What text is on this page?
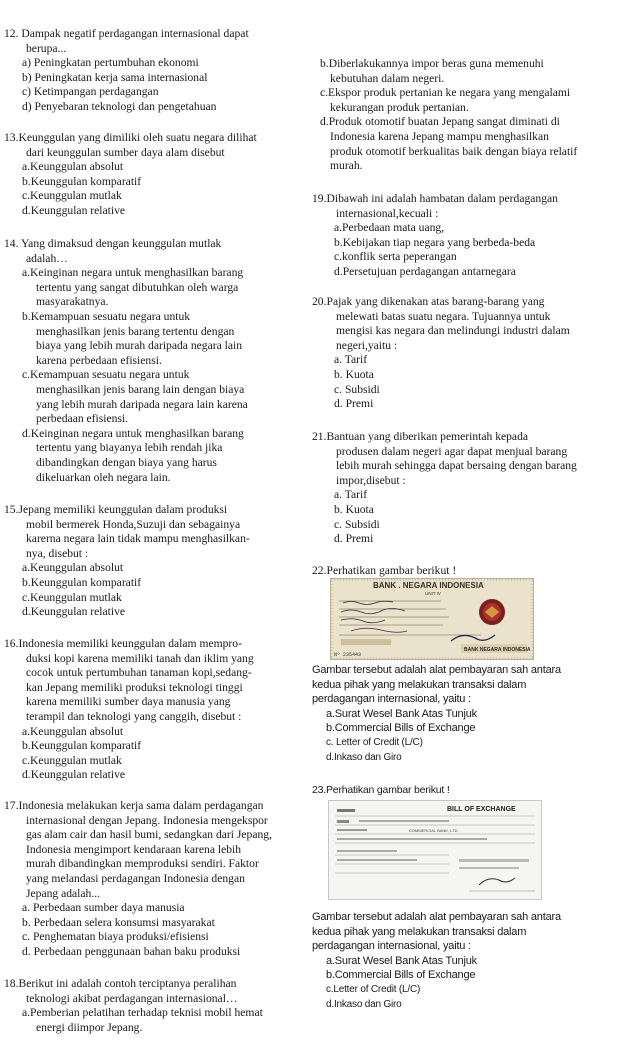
12. Dampak negatif perdagangan internasional dapat

berupa...

a) Peningkatan pertumbuhan ekonomi

b) Peningkatan kerja sama internasional

c) Ketimpangan perdagangan

d) Penyebaran teknologi dan pengetahuan

13.Keunggulan yang dimiliki oleh suatu negara dilihat

dari keunggulan sumber daya alam disebut

a.Keunggulan absolut

b.Keunggulan komparatif

c.Keunggulan mutlak

d.Keunggulan relative

14. Yang dimaksud dengan keunggulan mutlak

adalah…

a.Keinginan negara untuk menghasilkan barang

tertentu yang sangat dibutuhkan oleh warga

masyarakatnya.

b.Kemampuan sesuatu negara untuk

menghasilkan jenis barang tertentu dengan

biaya yang lebih murah daripada negara lain

karena perbedaan efisiensi.

c.Kemampuan sesuatu negara untuk

menghasilkan jenis barang lain dengan biaya

yang lebih murah daripada negara lain karena

perbedaan efisiensi.

d.Keinginan negara untuk menghasilkan barang

tertentu yang biayanya lebih rendah jika

dibandingkan dengan biaya yang harus

dikeluarkan oleh negara lain.

15.Jepang memiliki keunggulan dalam produksi

mobil bermerek Honda,Suzuji dan sebagainya

karerna negara lain tidak mampu menghasilkan-

nya, disebut :

a.Keunggulan absolut

b.Keunggulan komparatif

c.Keunggulan mutlak

d.Keunggulan relative

16.Indonesia memiliki keunggulan dalam mempro-

duksi kopi karena memiliki tanah dan iklim yang

cocok untuk pertumbuhan tanaman kopi,sedang-

kan Jepang memiliki produksi teknologi tinggi

karena memiliki sumber daya manusia yang

terampil dan teknologi yang canggih, disebut :

a.Keunggulan absolut

b.Keunggulan komparatif

c.Keunggulan mutlak

d.Keunggulan relative

17.Indonesia melakukan kerja sama dalam perdagangan

internasional dengan Jepang. Indonesia mengekspor

gas alam cair dan hasil bumi, sedangkan dari Jepang,

Indonesia mengimport kendaraan karena lebih

murah dibandingkan memproduksi sendiri. Faktor

yang melandasi perdagangan Indonesia dengan

Jepang adalah...

a. Perbedaan sumber daya manusia

b. Perbedaan selera konsumsi masyarakat

c. Penghematan biaya produksi/efisiensi

d. Perbedaan penggunaan bahan baku produksi

18.Berikut ini adalah contoh terciptanya peralihan

teknologi akibat perdagangan internasional…

a.Pemberian pelatihan terhadap teknisi mobil hemat

energi diimpor Jepang.

b.Diberlakukannya impor beras guna memenuhi

kebutuhan dalam negeri.

c.Ekspor produk pertanian ke negara yang mengalami

kekurangan produk pertanian.

d.Produk otomotif buatan Jepang sangat diminati di

Indonesia karena Jepang mampu menghasilkan

produk otomotif berkualitas baik dengan biaya relatif

murah.

19.Dibawah ini adalah hambatan dalam perdagangan

internasional,kecuali :

a.Perbedaan mata uang,

b.Kebijakan tiap negara yang berbeda-beda

c.konflik serta peperangan

d.Persetujuan perdagangan antarnegara

20.Pajak yang dikenakan atas barang-barang yang

melewati batas suatu negara. Tujuannya untuk

mengisi kas negara dan melindungi industri dalam

negeri,yaitu :

a. Tarif

b. Kuota

c. Subsidi

d. Premi

21.Bantuan yang diberikan pemerintah kepada

produsen dalam negeri agar dapat menjual barang

lebih murah sehingga dapat bersaing dengan barang

impor,disebut :

a. Tarif

b. Kuota

c. Subsidi

d. Premi

22.Perhatikan gambar berikut !

BANK . NEGARA INDONESIA
UNIT IV
BANK NEGARA INDONESIA
Nº 235443

Gambar tersebut adalah alat pembayaran sah antara

kedua pihak yang melakukan transaksi dalam

perdagangan internasional, yaitu :

a.Surat Wesel Bank Atas Tunjuk

b.Commercial Bills of Exchange

c. Letter of Credit (L/C)

d.Inkaso dan Giro

23.Perhatikan gambar berikut !

BILL OF EXCHANGE
COMMERCIAL BANK, LTD.

Gambar tersebut adalah alat pembayaran sah antara

kedua pihak yang melakukan transaksi dalam

perdagangan internasional, yaitu :

a.Surat Wesel Bank Atas Tunjuk

b.Commercial Bills of Exchange

c.Letter of Credit (L/C)

d.Inkaso dan Giro
